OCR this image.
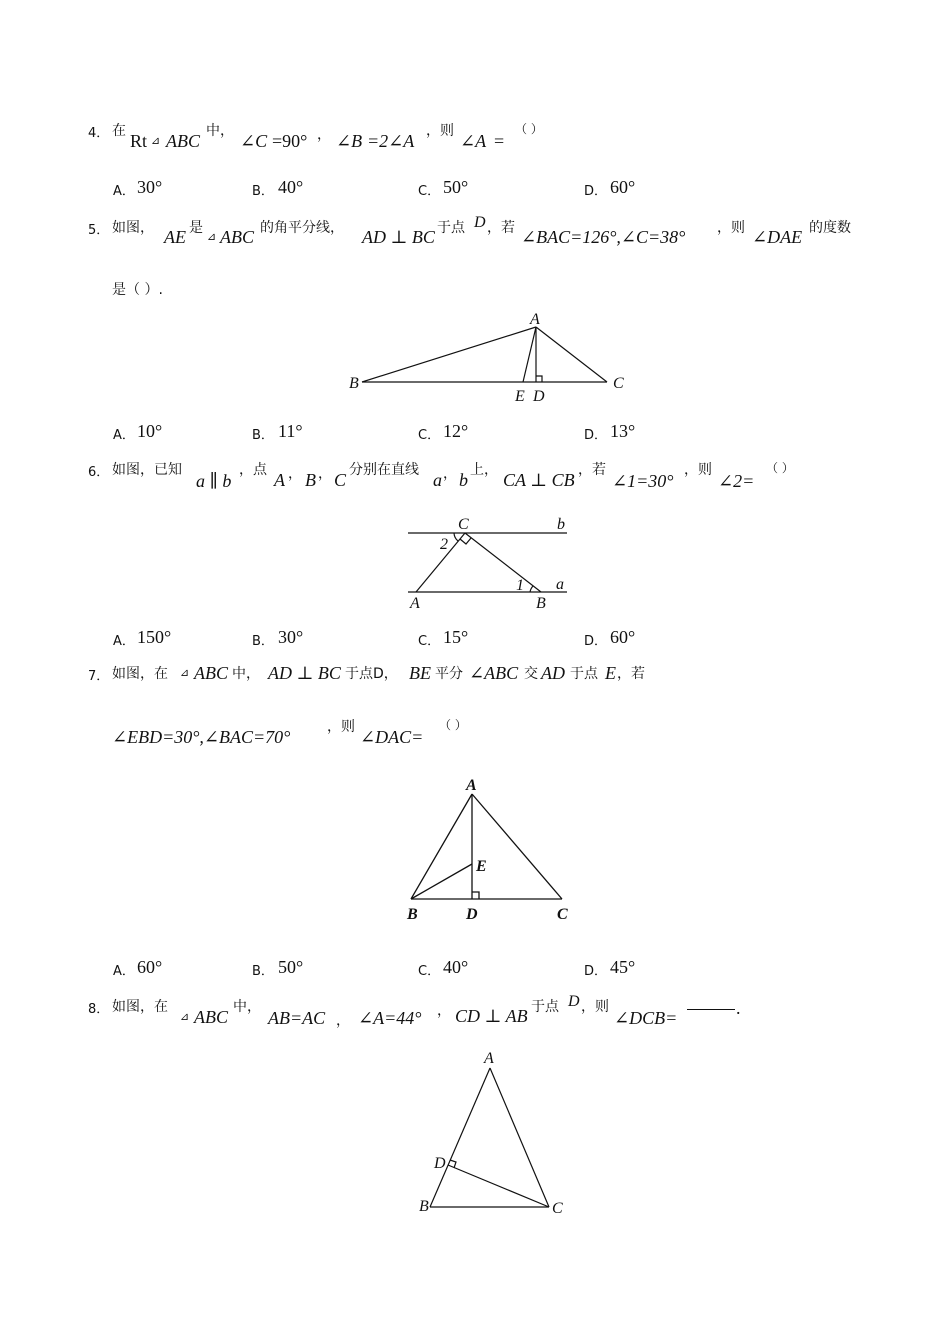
4． 在 Rt ⊿ ABC 中， ∠C =90° ， ∠B =2∠A ，则 ∠A =
（ ）
A． 30°	B． 40°	C． 50°	D． 60°
5． 如图， AE 是
⊿ ABC 的角平分线， AD ⊥ BC 于点 D ，若 ∠BAC=126°,∠C=38° ，则 ∠DAE 的度数
是（ ）.
A
B	C
E D
A． 10°	B． 11°	C． 12°	D． 13°
6． 如图，已知
a ∥ b
，点 A ， B ， C 分别在直线 a ， b 上， CA ⊥ CB ，若
∠1=30°
，则
∠2=
（ ）
C	b
2
1 a
A	B
A． 150°	B． 30°	C． 15°	D． 60°
7． 如图，在 ⊿ ABC 中， AD ⊥ BC 于点D， BE 平分 ∠ABC 交 AD 于点 E ，若
∠EBD=30°,∠BAC=70°	，则 ∠DAC=
（ ）
A
E
B	D	C
A． 60°	B． 50°	C． 40°	D． 45°
8． 如图，在
⊿ ABC 中，
AB=AC ， ∠A=44° ， CD ⊥ AB 于点 D ，则
∠DCB=	.
A
D
B	C
